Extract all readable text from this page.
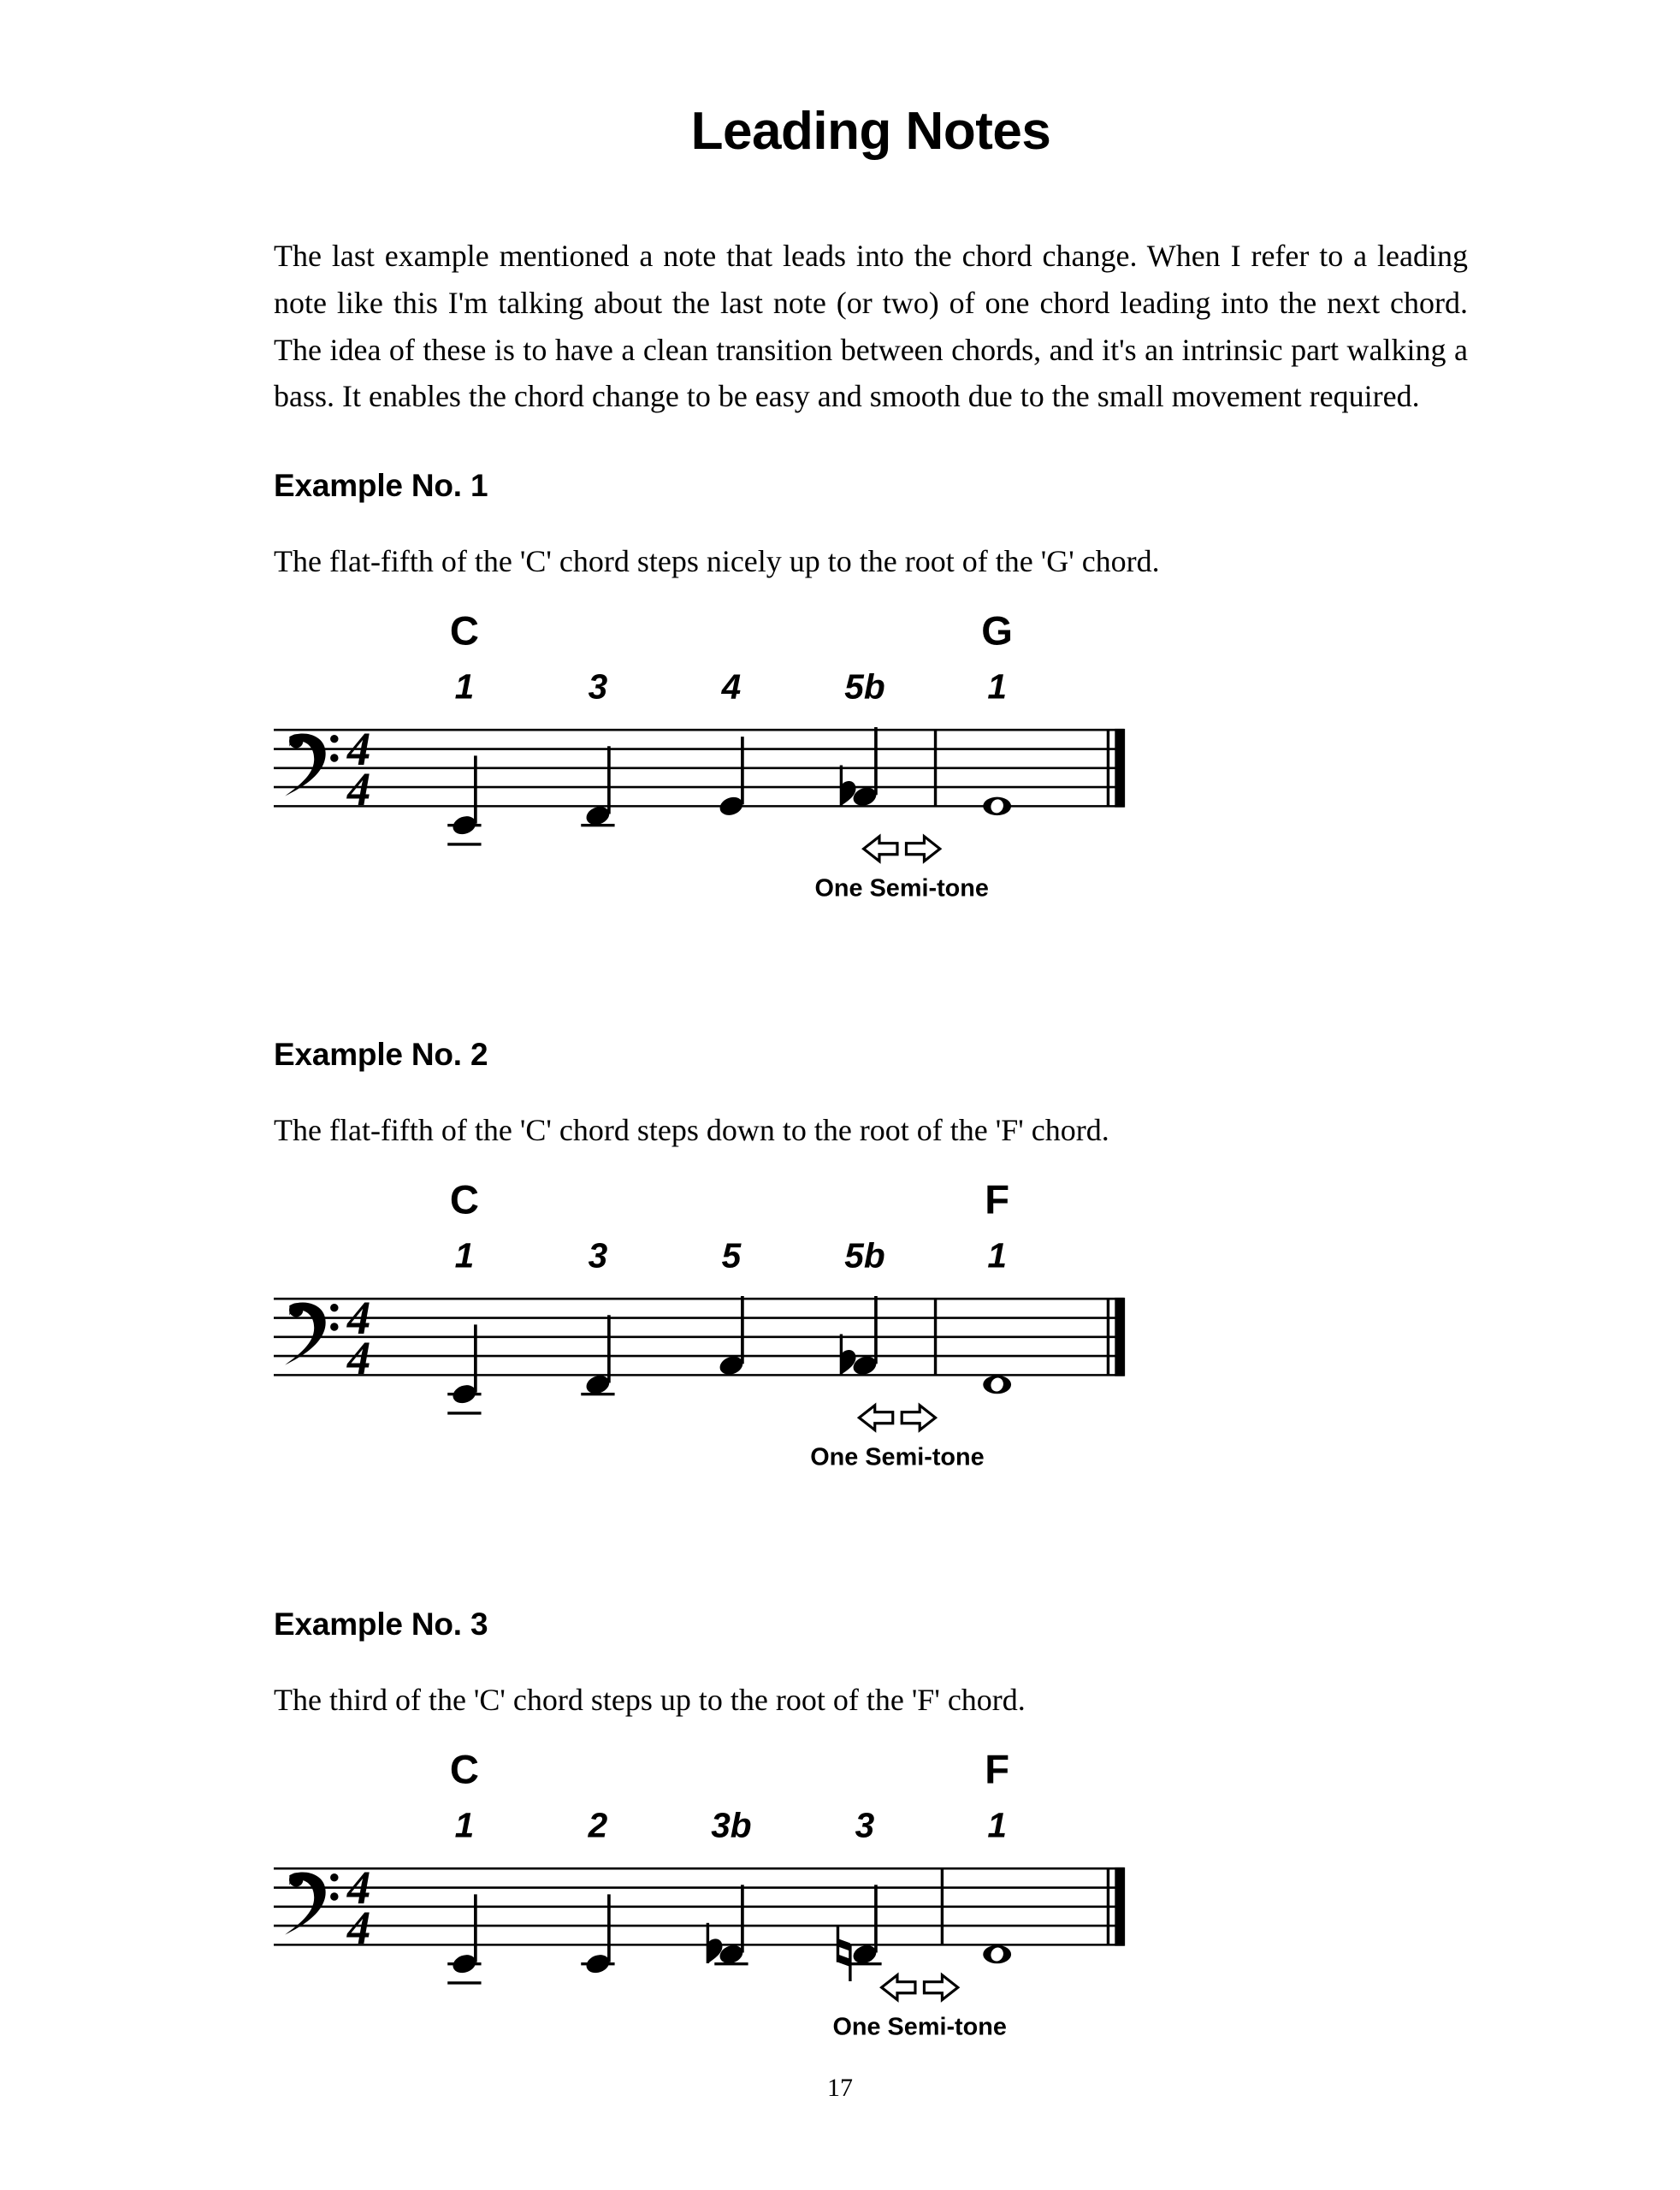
Leading Notes

The last example mentioned a note that leads into the chord change. When I refer to a leading note like this I'm talking about the last note (or two) of one chord leading into the next chord. The idea of these is to have a clean transition between chords, and it's an intrinsic part walking a bass. It enables the chord change to be easy and smooth due to the small movement required.

Example No. 1

The flat-fifth of the 'C' chord steps nicely up to the root of the 'G' chord.

C	G
1	3	4	5b	1
4
4
One Semi-tone
Example No. 2

The flat-fifth of the 'C' chord steps down to the root of the 'F' chord.

C	F
1	3	5	5b	1
4
4
One Semi-tone
Example No. 3

The third of the 'C' chord steps up to the root of the 'F' chord.

C	F
1	2	3b	3	1
4
4
One Semi-tone
17
